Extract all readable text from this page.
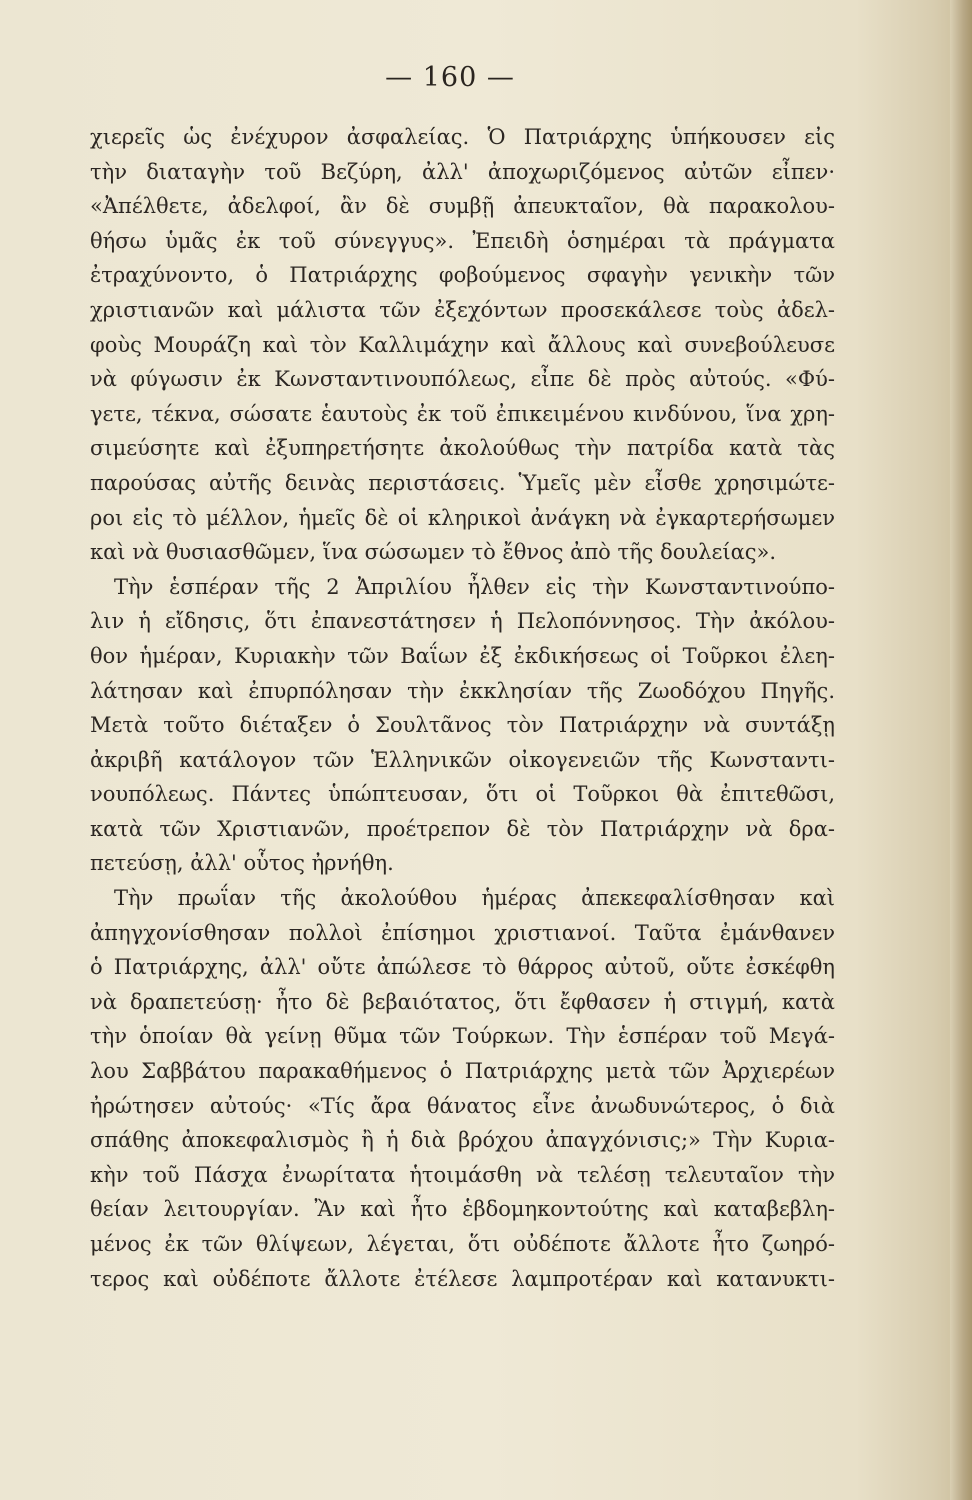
— 160 —
χιερεῖς ὡς ἐνέχυρον ἀσφαλείας. Ὁ Πατριάρχης ὑπήκουσεν εἰς
τὴν διαταγὴν τοῦ Βεζύρη, ἀλλ' ἀποχωριζόμενος αὐτῶν εἶπεν·
«Ἀπέλθετε, ἀδελφοί, ἂν δὲ συμβῇ ἀπευκταῖον, θὰ παρακολου-
θήσω ὑμᾶς ἐκ τοῦ σύνεγγυς». Ἐπειδὴ ὁσημέραι τὰ πράγματα
ἐτραχύνοντο, ὁ Πατριάρχης φοβούμενος σφαγὴν γενικὴν τῶν
χριστιανῶν καὶ μάλιστα τῶν ἐξεχόντων προσεκάλεσε τοὺς ἀδελ-
φοὺς Μουράζη καὶ τὸν Καλλιμάχην καὶ ἄλλους καὶ συνεβούλευσε
νὰ φύγωσιν ἐκ Κωνσταντινουπόλεως, εἶπε δὲ πρὸς αὐτούς. «Φύ-
γετε, τέκνα, σώσατε ἑαυτοὺς ἐκ τοῦ ἐπικειμένου κινδύνου, ἵνα χρη-
σιμεύσητε καὶ ἐξυπηρετήσητε ἀκολούθως τὴν πατρίδα κατὰ τὰς
παρούσας αὐτῆς δεινὰς περιστάσεις. Ὑμεῖς μὲν εἶσθε χρησιμώτε-
ροι εἰς τὸ μέλλον, ἡμεῖς δὲ οἱ κληρικοὶ ἀνάγκη νὰ ἐγκαρτερήσωμεν
καὶ νὰ θυσιασθῶμεν, ἵνα σώσωμεν τὸ ἔθνος ἀπὸ τῆς δουλείας».
Τὴν ἑσπέραν τῆς 2 Ἀπριλίου ἦλθεν εἰς τὴν Κωνσταντινούπο-
λιν ἡ εἴδησις, ὅτι ἐπανεστάτησεν ἡ Πελοπόννησος. Τὴν ἀκόλου-
θον ἡμέραν, Κυριακὴν τῶν Βαΐων ἐξ ἐκδικήσεως οἱ Τοῦρκοι ἐλεη-
λάτησαν καὶ ἐπυρπόλησαν τὴν ἐκκλησίαν τῆς Ζωοδόχου Πηγῆς.
Μετὰ τοῦτο διέταξεν ὁ Σουλτᾶνος τὸν Πατριάρχην νὰ συντάξῃ
ἀκριβῆ κατάλογον τῶν Ἑλληνικῶν οἰκογενειῶν τῆς Κωνσταντι-
νουπόλεως. Πάντες ὑπώπτευσαν, ὅτι οἱ Τοῦρκοι θὰ ἐπιτεθῶσι,
κατὰ τῶν Χριστιανῶν, προέτρεπον δὲ τὸν Πατριάρχην νὰ δρα-
πετεύσῃ, ἀλλ' οὗτος ἠρνήθη.
Τὴν πρωΐαν τῆς ἀκολούθου ἡμέρας ἀπεκεφαλίσθησαν καὶ
ἀπηγχονίσθησαν πολλοὶ ἐπίσημοι χριστιανοί. Ταῦτα ἐμάνθανεν
ὁ Πατριάρχης, ἀλλ' οὔτε ἀπώλεσε τὸ θάρρος αὐτοῦ, οὔτε ἐσκέφθη
νὰ δραπετεύσῃ· ἦτο δὲ βεβαιότατος, ὅτι ἔφθασεν ἡ στιγμή, κατὰ
τὴν ὁποίαν θὰ γείνῃ θῦμα τῶν Τούρκων. Τὴν ἑσπέραν τοῦ Μεγά-
λου Σαββάτου παρακαθήμενος ὁ Πατριάρχης μετὰ τῶν Ἀρχιερέων
ἠρώτησεν αὐτούς· «Τίς ἄρα θάνατος εἶνε ἀνωδυνώτερος, ὁ διὰ
σπάθης ἀποκεφαλισμὸς ἢ ἡ διὰ βρόχου ἀπαγχόνισις;» Τὴν Κυρια-
κὴν τοῦ Πάσχα ἐνωρίτατα ἡτοιμάσθη νὰ τελέσῃ τελευταῖον τὴν
θείαν λειτουργίαν. Ἂν καὶ ἦτο ἑβδομηκοντούτης καὶ καταβεβλη-
μένος ἐκ τῶν θλίψεων, λέγεται, ὅτι οὐδέποτε ἄλλοτε ἦτο ζωηρό-
τερος καὶ οὐδέποτε ἄλλοτε ἐτέλεσε λαμπροτέραν καὶ κατανυκτι-
